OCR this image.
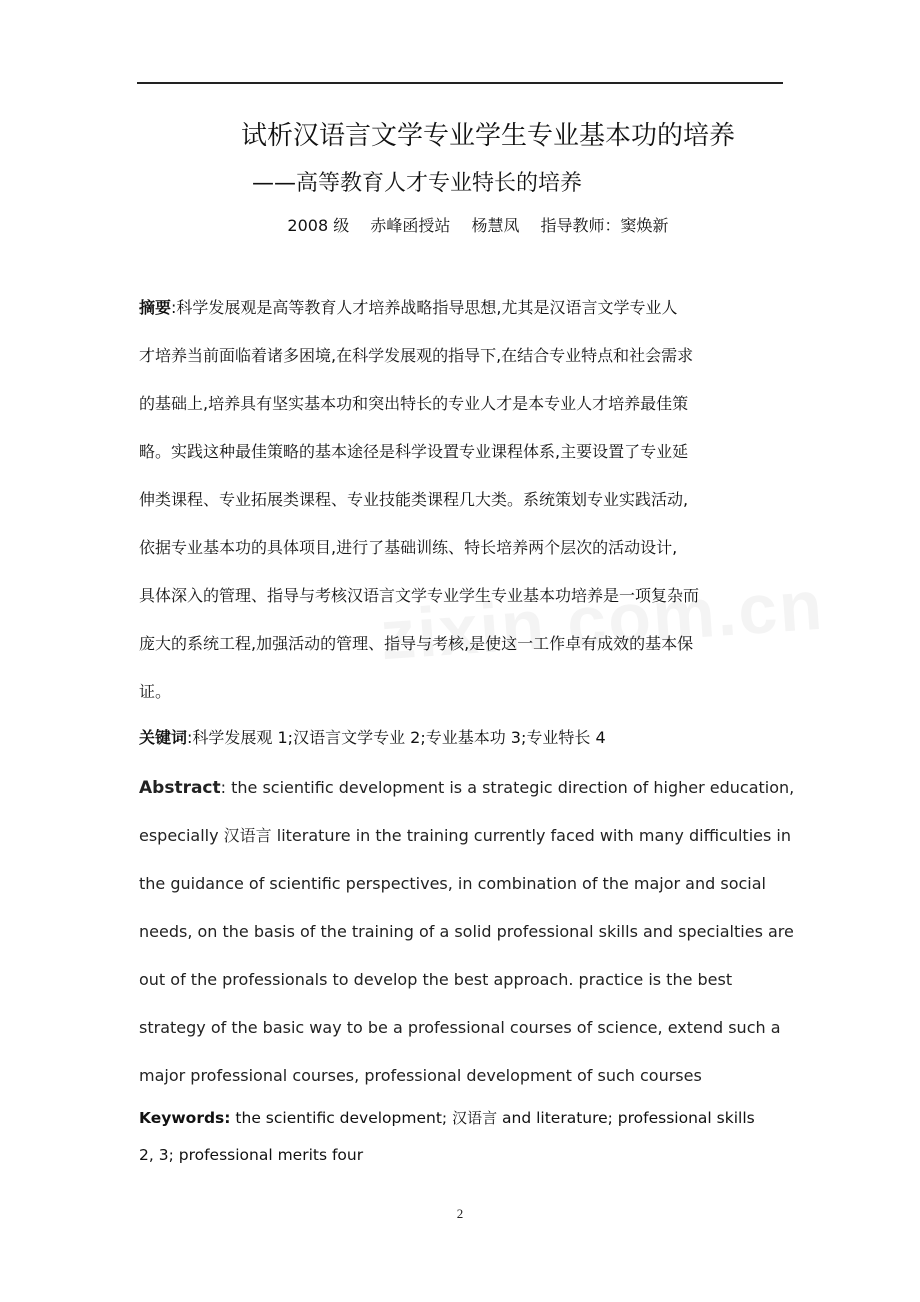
试析汉语言文学专业学生专业基本功的培养
——高等教育人才专业特长的培养
2008 级 赤峰函授站 杨慧凤 指导教师：窦焕新
摘要:科学发展观是高等教育人才培养战略指导思想,尤其是汉语言文学专业人
才培养当前面临着诸多困境,在科学发展观的指导下,在结合专业特点和社会需求
的基础上,培养具有坚实基本功和突出特长的专业人才是本专业人才培养最佳策
略。实践这种最佳策略的基本途径是科学设置专业课程体系,主要设置了专业延
伸类课程、专业拓展类课程、专业技能类课程几大类。系统策划专业实践活动,
依据专业基本功的具体项目,进行了基础训练、特长培养两个层次的活动设计,
具体深入的管理、指导与考核汉语言文学专业学生专业基本功培养是一项复杂而
庞大的系统工程,加强活动的管理、指导与考核,是使这一工作卓有成效的基本保
证。
关键词:科学发展观 1;汉语言文学专业 2;专业基本功 3;专业特长 4
Abstract: the scientific development is a strategic direction of higher education,
especially 汉语言 literature in the training currently faced with many difficulties in
the guidance of scientific perspectives, in combination of the major and social
needs, on the basis of the training of a solid professional skills and specialties are
out of the professionals to develop the best approach. practice is the best
strategy of the basic way to be a professional courses of science, extend such a
major professional courses, professional development of such courses
Keywords: the scientific development; 汉语言 and literature; professional skills
2, 3; professional merits four
2
